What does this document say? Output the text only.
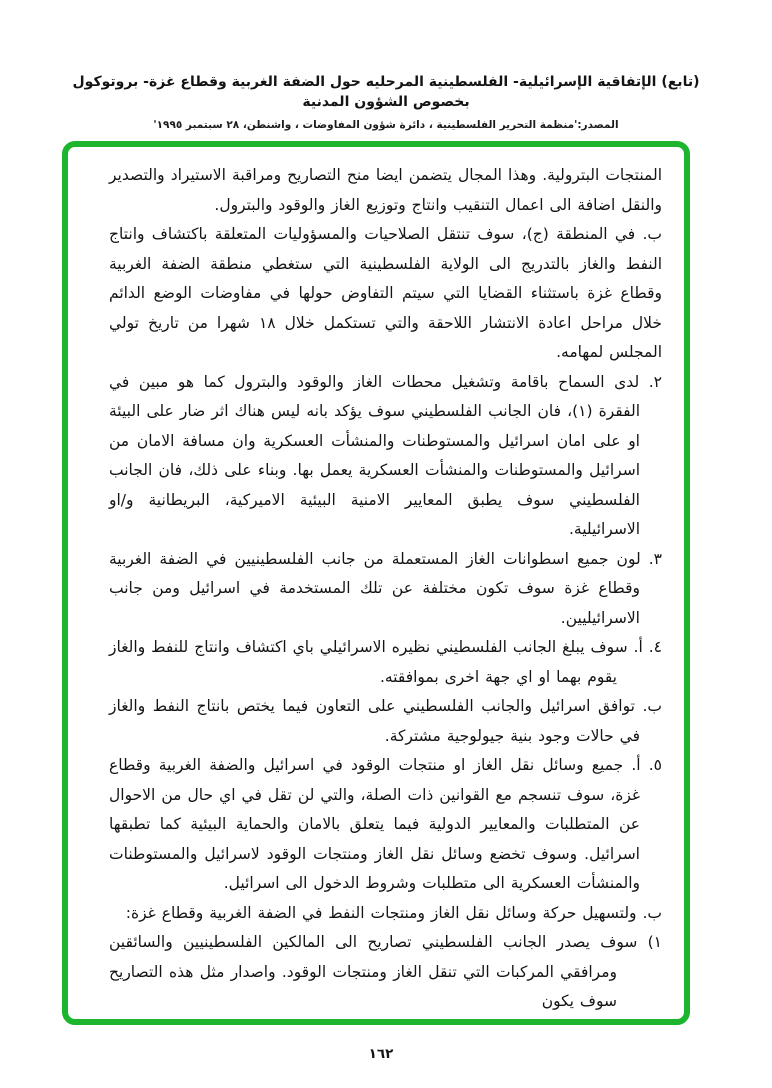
(تابع) الإتفاقية الإسرائيلية- الفلسطينية المرحليه حول الضفة الغربية وقطاع غزة- بروتوكول بخصوص الشؤون المدنية
المصدر:'منظمة التحرير الفلسطينية ، دائرة شؤون المفاوضات ، واشنطن، ٢٨ سبتمبر ١٩٩٥'

المنتجات البترولية. وهذا المجال يتضمن ايضا منح التصاريح ومراقبة الاستيراد والتصدير والنقل اضافة الى اعمال التنقيب وانتاج وتوزيع الغاز والوقود والبترول.

ب. في المنطقة (ج)، سوف تنتقل الصلاحيات والمسؤوليات المتعلقة باكتشاف وانتاج النفط والغاز بالتدريج الى الولاية الفلسطينية التي ستغطي منطقة الضفة الغربية وقطاع غزة باستثناء القضايا التي سيتم التفاوض حولها في مفاوضات الوضع الدائم خلال مراحل اعادة الانتشار اللاحقة والتي تستكمل خلال ١٨ شهرا من تاريخ تولي المجلس لمهامه.

٢. لدى السماح باقامة وتشغيل محطات الغاز والوقود والبترول كما هو مبين في الفقرة (١)، فان الجانب الفلسطيني سوف يؤكد بانه ليس هناك اثر ضار على البيئة او على امان اسرائيل والمستوطنات والمنشأت العسكرية وان مسافة الامان من اسرائيل والمستوطنات والمنشأت العسكرية يعمل بها. وبناء على ذلك، فان الجانب الفلسطيني سوف يطبق المعايير الامنية البيئية الاميركية، البريطانية و/او الاسرائيلية.

٣. لون جميع اسطوانات الغاز المستعملة من جانب الفلسطينيين في الضفة الغربية وقطاع غزة سوف تكون مختلفة عن تلك المستخدمة في اسرائيل ومن جانب الاسرائيليين.

٤. أ. سوف يبلغ الجانب الفلسطيني نظيره الاسرائيلي باي اكتشاف وانتاج للنفط والغاز يقوم بهما او اي جهة اخرى بموافقته.

ب. توافق اسرائيل والجانب الفلسطيني على التعاون فيما يختص بانتاج النفط والغاز في حالات وجود بنية جيولوجية مشتركة.

٥. أ. جميع وسائل نقل الغاز او منتجات الوقود في اسرائيل والضفة الغربية وقطاع غزة، سوف تنسجم مع القوانين ذات الصلة، والتي لن تقل في اي حال من الاحوال عن المتطلبات والمعايير الدولية فيما يتعلق بالامان والحماية البيئية كما تطبقها اسرائيل. وسوف تخضع وسائل نقل الغاز ومنتجات الوقود لاسرائيل والمستوطنات والمنشأت العسكرية الى متطلبات وشروط الدخول الى اسرائيل.

ب. ولتسهيل حركة وسائل نقل الغاز ومنتجات النفط في الضفة الغربية وقطاع غزة:

١) سوف يصدر الجانب الفلسطيني تصاريح الى المالكين الفلسطينيين والسائقين ومرافقي المركبات التي تنقل الغاز ومنتجات الوقود. واصدار مثل هذه التصاريح سوف يكون

١٦٢
